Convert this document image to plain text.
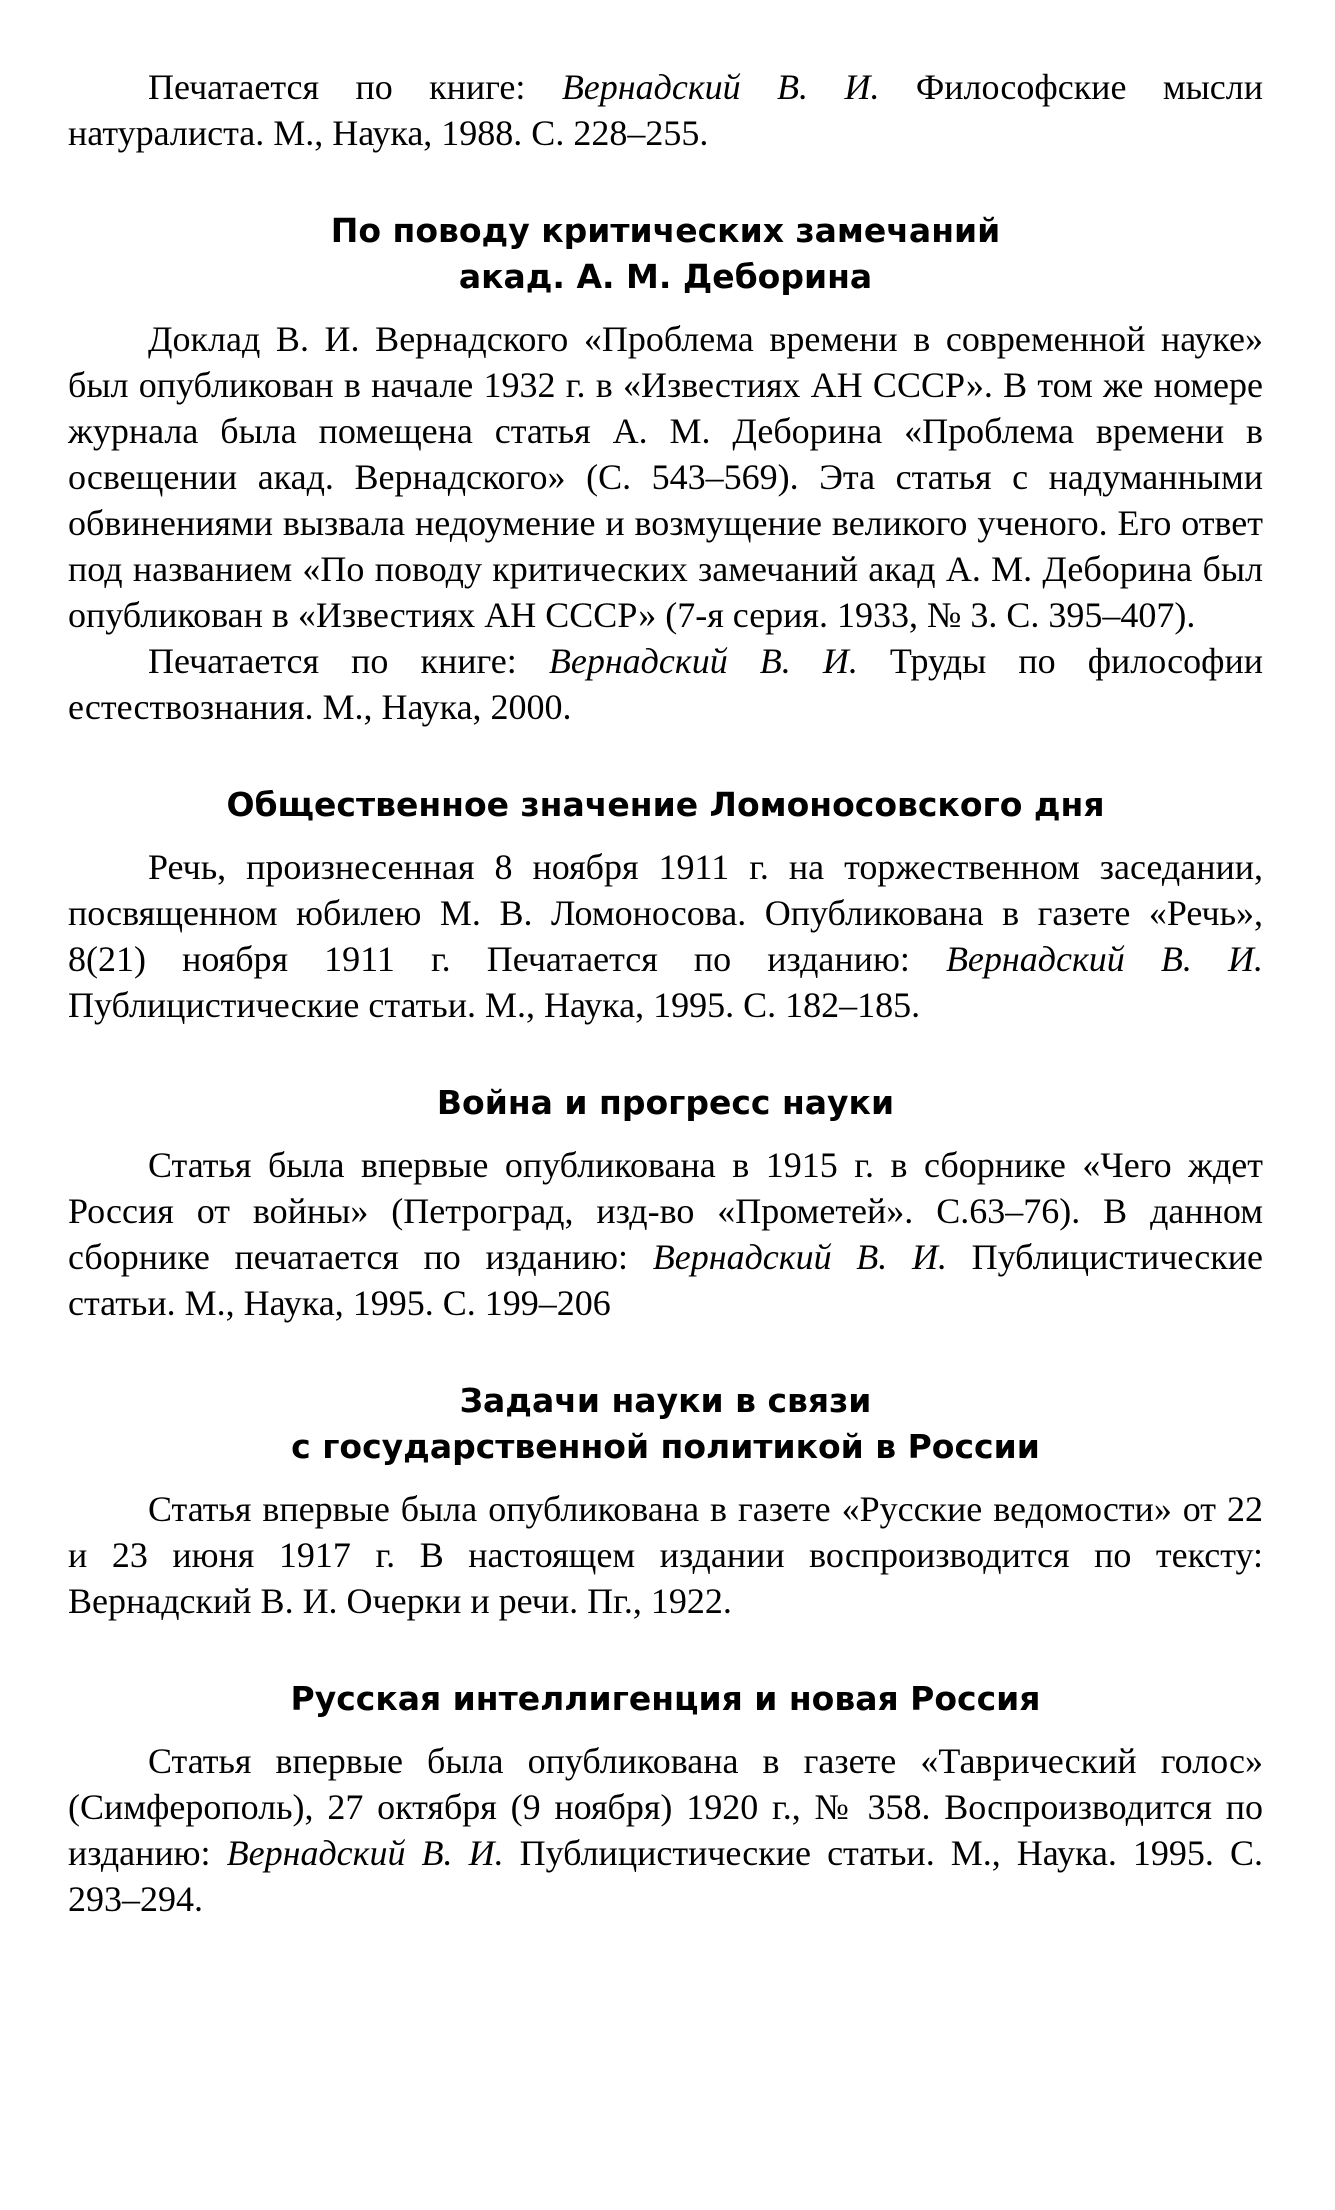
Печатается по книге: Вернадский В. И. Философские мысли натуралиста. М., Наука, 1988. С. 228–255.

По поводу критических замечаний
акад. А. М. Деборина

Доклад В. И. Вернадского «Проблема времени в современной науке» был опубликован в начале 1932 г. в «Известиях АН СССР». В том же номере журнала была помещена статья А. М. Деборина «Проблема времени в освещении акад. Вернадского» (С. 543–569). Эта статья с надуманными обвинениями вызвала недоумение и возмущение великого ученого. Его ответ под названием «По поводу критических замечаний акад А. М. Деборина был опубликован в «Известиях АН СССР» (7-я серия. 1933, № 3. С. 395–407).

Печатается по книге: Вернадский В. И. Труды по философии естествознания. М., Наука, 2000.

Общественное значение Ломоносовского дня

Речь, произнесенная 8 ноября 1911 г. на торжественном заседании, посвященном юбилею М. В. Ломоносова. Опубликована в газете «Речь», 8(21) ноября 1911 г. Печатается по изданию: Вернадский В. И. Публицистические статьи. М., Наука, 1995. С. 182–185.

Война и прогресс науки

Статья была впервые опубликована в 1915 г. в сборнике «Чего ждет Россия от войны» (Петроград, изд-во «Прометей». С.63–76). В данном сборнике печатается по изданию: Вернадский В. И. Публицистические статьи. М., Наука, 1995. С. 199–206

Задачи науки в связи
с государственной политикой в России

Статья впервые была опубликована в газете «Русские ведомости» от 22 и 23 июня 1917 г. В настоящем издании воспроизводится по тексту: Вернадский В. И. Очерки и речи. Пг., 1922.

Русская интеллигенция и новая Россия

Статья впервые была опубликована в газете «Таврический голос» (Симферополь), 27 октября (9 ноября) 1920 г., № 358. Воспроизводится по изданию: Вернадский В. И. Публицистические статьи. М., Наука. 1995. С. 293–294.
